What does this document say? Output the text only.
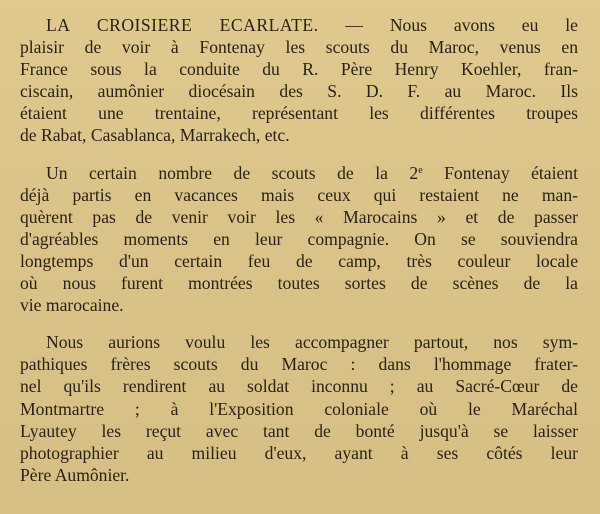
LA CROISIERE ECARLATE. — Nous avons eu le
plaisir de voir à Fontenay les scouts du Maroc, venus en
France sous la conduite du R. Père Henry Koehler, fran-
ciscain, aumônier diocésain des S. D. F. au Maroc. Ils
étaient une trentaine, représentant les différentes troupes
de Rabat, Casablanca, Marrakech, etc.

Un certain nombre de scouts de la 2e Fontenay étaient
déjà partis en vacances mais ceux qui restaient ne man-
quèrent pas de venir voir les « Marocains » et de passer
d'agréables moments en leur compagnie. On se souviendra
longtemps d'un certain feu de camp, très couleur locale
où nous furent montrées toutes sortes de scènes de la
vie marocaine.

Nous aurions voulu les accompagner partout, nos sym-
pathiques frères scouts du Maroc : dans l'hommage frater-
nel qu'ils rendirent au soldat inconnu ; au Sacré-Cœur de
Montmartre ; à l'Exposition coloniale où le Maréchal
Lyautey les reçut avec tant de bonté jusqu'à se laisser
photographier au milieu d'eux, ayant à ses côtés leur
Père Aumônier.
